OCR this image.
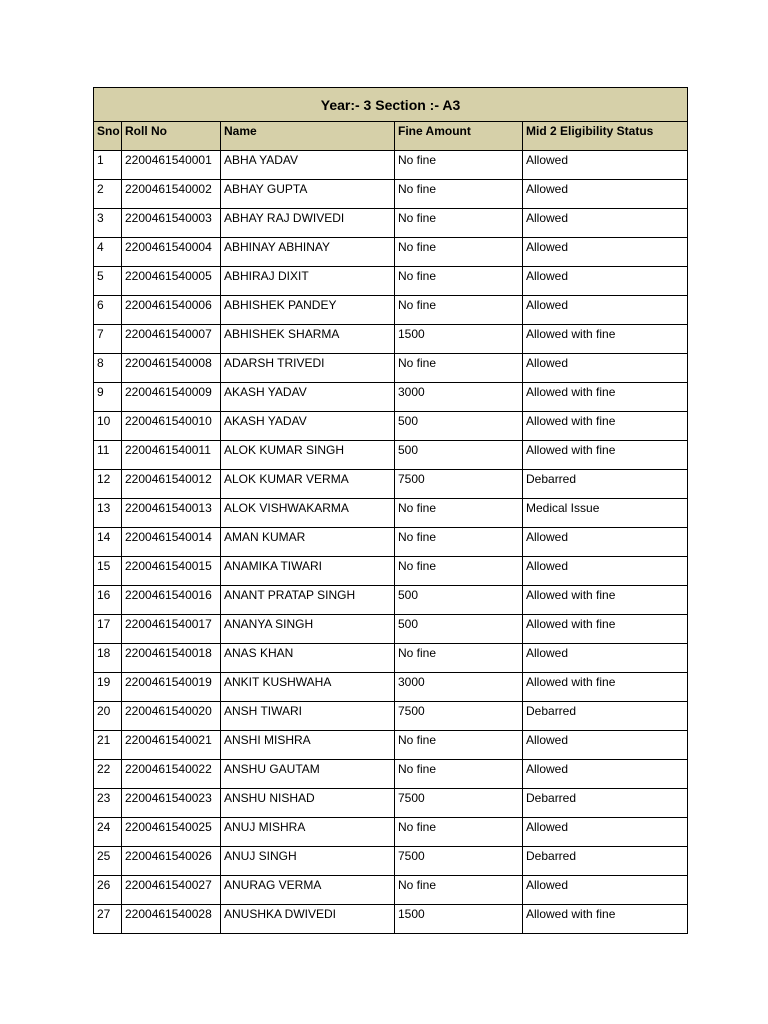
Year:- 3 Section :- A3				
Sno	Roll No	Name	Fine Amount	Mid 2 Eligibility Status
1	2200461540001	ABHA YADAV	No fine	Allowed
2	2200461540002	ABHAY GUPTA	No fine	Allowed
3	2200461540003	ABHAY RAJ DWIVEDI	No fine	Allowed
4	2200461540004	ABHINAY ABHINAY	No fine	Allowed
5	2200461540005	ABHIRAJ DIXIT	No fine	Allowed
6	2200461540006	ABHISHEK PANDEY	No fine	Allowed
7	2200461540007	ABHISHEK SHARMA	1500	Allowed with fine
8	2200461540008	ADARSH TRIVEDI	No fine	Allowed
9	2200461540009	AKASH YADAV	3000	Allowed with fine
10	2200461540010	AKASH YADAV	500	Allowed with fine
11	2200461540011	ALOK KUMAR SINGH	500	Allowed with fine
12	2200461540012	ALOK KUMAR VERMA	7500	Debarred
13	2200461540013	ALOK VISHWAKARMA	No fine	Medical Issue
14	2200461540014	AMAN KUMAR	No fine	Allowed
15	2200461540015	ANAMIKA TIWARI	No fine	Allowed
16	2200461540016	ANANT PRATAP SINGH	500	Allowed with fine
17	2200461540017	ANANYA SINGH	500	Allowed with fine
18	2200461540018	ANAS KHAN	No fine	Allowed
19	2200461540019	ANKIT KUSHWAHA	3000	Allowed with fine
20	2200461540020	ANSH TIWARI	7500	Debarred
21	2200461540021	ANSHI MISHRA	No fine	Allowed
22	2200461540022	ANSHU GAUTAM	No fine	Allowed
23	2200461540023	ANSHU NISHAD	7500	Debarred
24	2200461540025	ANUJ MISHRA	No fine	Allowed
25	2200461540026	ANUJ SINGH	7500	Debarred
26	2200461540027	ANURAG VERMA	No fine	Allowed
27	2200461540028	ANUSHKA DWIVEDI	1500	Allowed with fine
